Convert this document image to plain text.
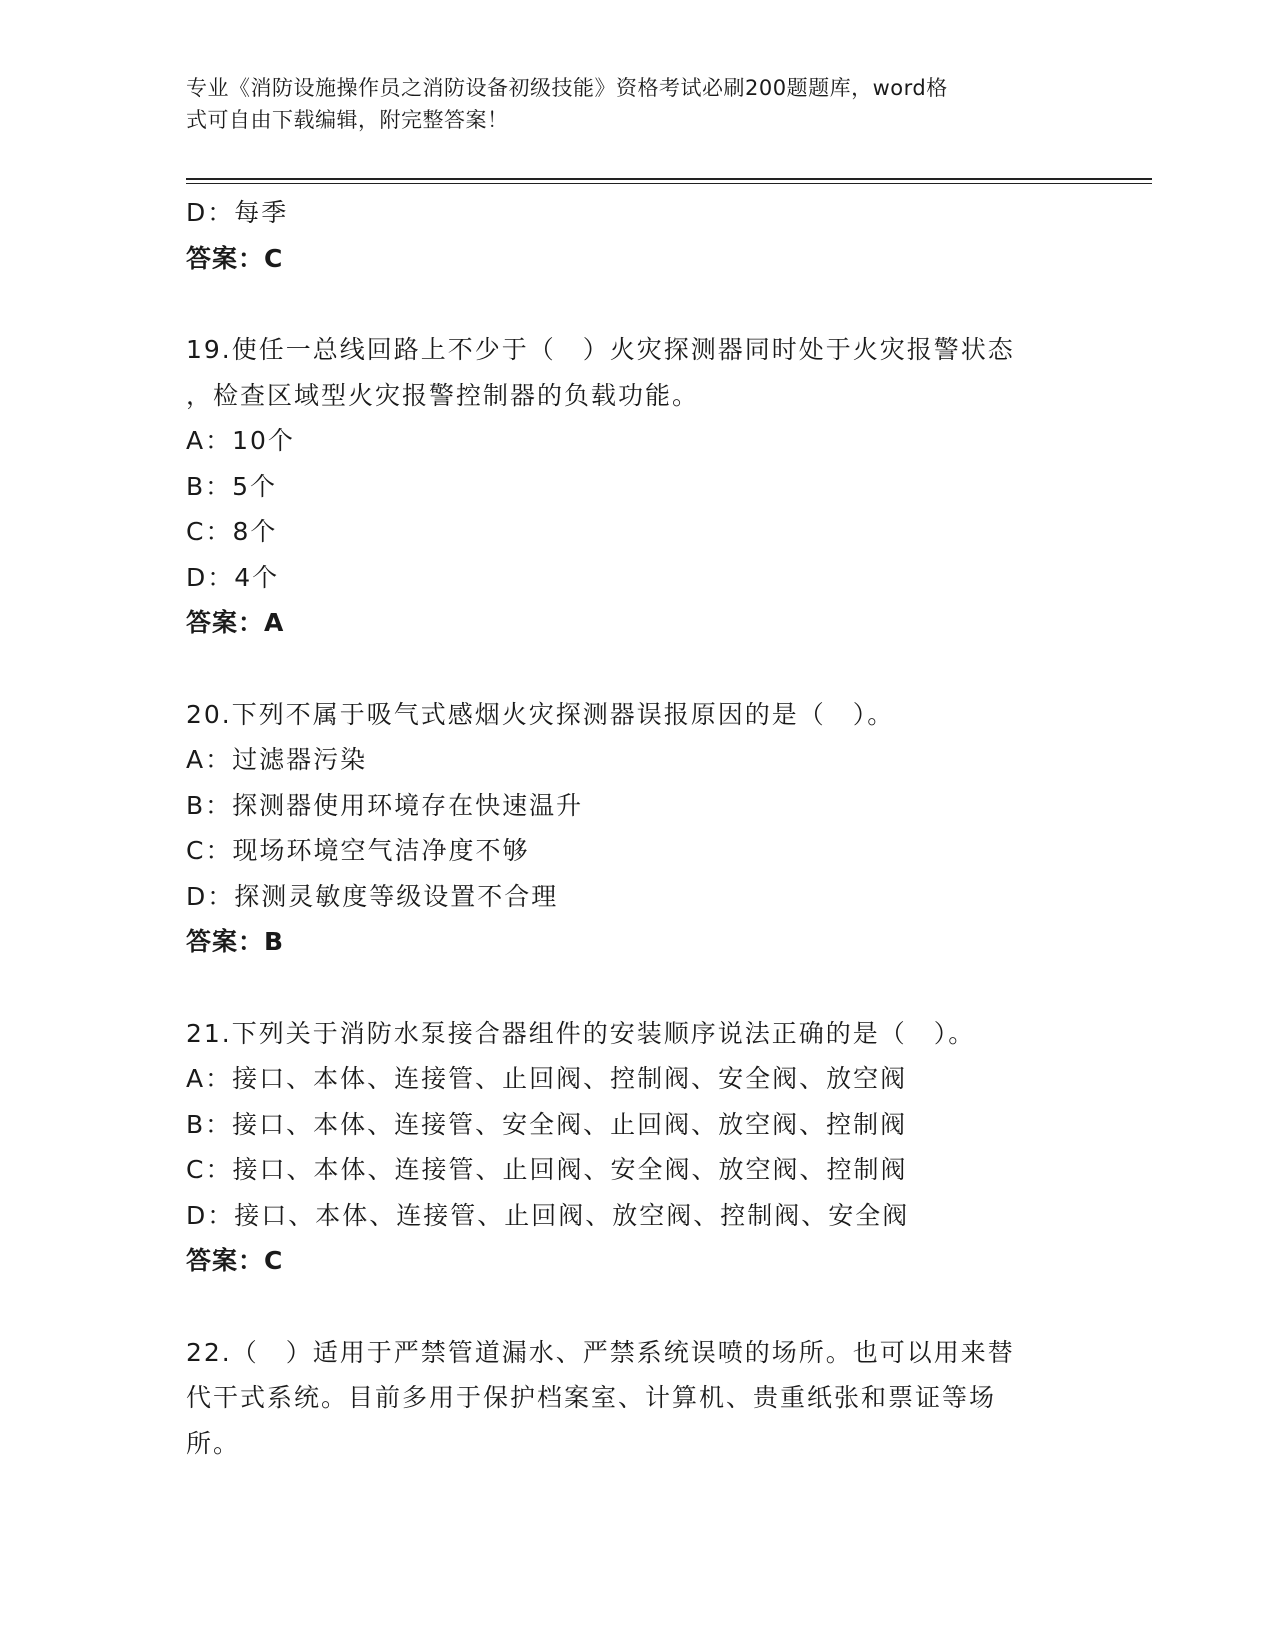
专业《消防设施操作员之消防设备初级技能》资格考试必刷200题题库，word格
式可自由下载编辑，附完整答案！
D：每季
答案：C
19.使任一总线回路上不少于（　）火灾探测器同时处于火灾报警状态
，检查区域型火灾报警控制器的负载功能。
A：10个
B：5个
C：8个
D：4个
答案：A
20.下列不属于吸气式感烟火灾探测器误报原因的是（　）。
A：过滤器污染
B：探测器使用环境存在快速温升
C：现场环境空气洁净度不够
D：探测灵敏度等级设置不合理
答案：B
21.下列关于消防水泵接合器组件的安装顺序说法正确的是（　）。
A：接口、本体、连接管、止回阀、控制阀、安全阀、放空阀
B：接口、本体、连接管、安全阀、止回阀、放空阀、控制阀
C：接口、本体、连接管、止回阀、安全阀、放空阀、控制阀
D：接口、本体、连接管、止回阀、放空阀、控制阀、安全阀
答案：C
22.（　）适用于严禁管道漏水、严禁系统误喷的场所。也可以用来替
代干式系统。目前多用于保护档案室、计算机、贵重纸张和票证等场
所。
